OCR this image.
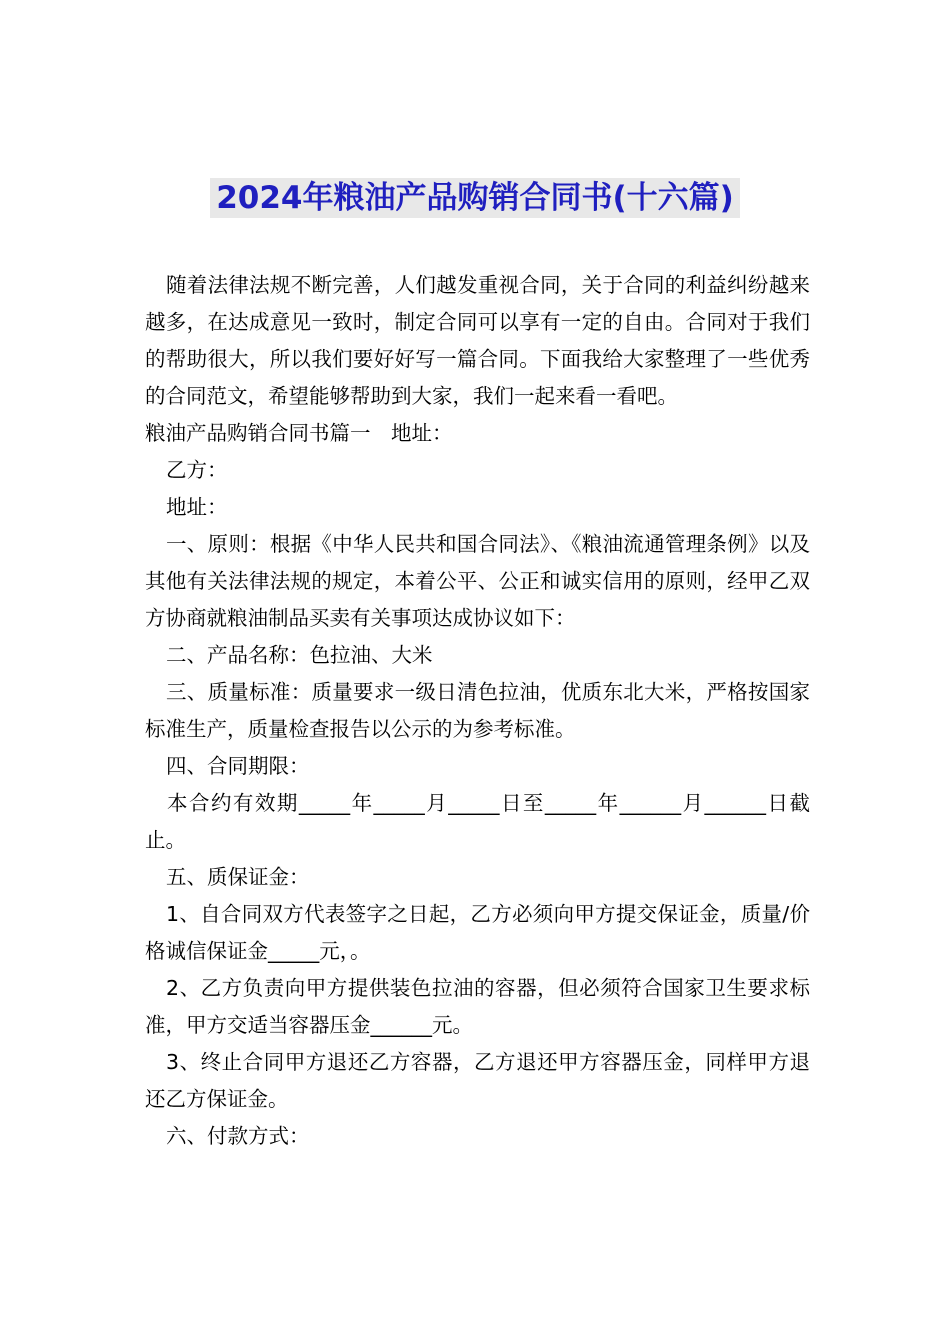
2024年粮油产品购销合同书(十六篇)

随着法律法规不断完善，人们越发重视合同，关于合同的利益纠纷越来越多，在达成意见一致时，制定合同可以享有一定的自由。合同对于我们的帮助很大，所以我们要好好写一篇合同。下面我给大家整理了一些优秀的合同范文，希望能够帮助到大家，我们一起来看一看吧。

粮油产品购销合同书篇一　地址：

乙方：

地址：

一、原则：根据《中华人民共和国合同法》、《粮油流通管理条例》以及其他有关法律法规的规定，本着公平、公正和诚实信用的原则，经甲乙双方协商就粮油制品买卖有关事项达成协议如下：

二、产品名称：色拉油、大米

三、质量标准：质量要求一级日清色拉油，优质东北大米，严格按国家标准生产，质量检查报告以公示的为参考标准。

四、合同期限：

本合约有效期_____年_____月_____日至_____年______月______日截止。

五、质保证金：

1、自合同双方代表签字之日起，乙方必须向甲方提交保证金，质量/价格诚信保证金_____元，。

2、乙方负责向甲方提供装色拉油的容器，但必须符合国家卫生要求标准，甲方交适当容器压金______元。

3、终止合同甲方退还乙方容器，乙方退还甲方容器压金，同样甲方退还乙方保证金。

六、付款方式：
